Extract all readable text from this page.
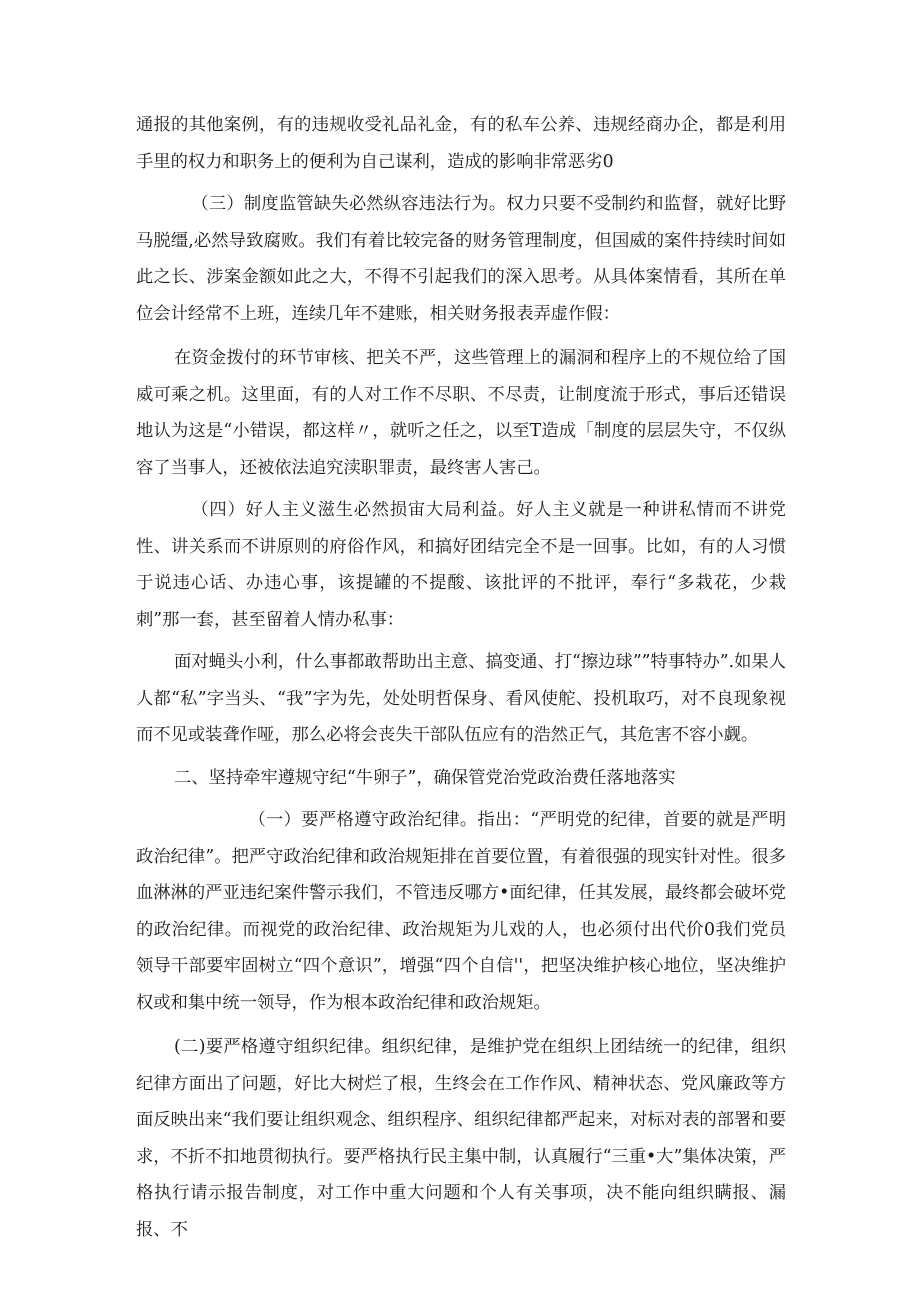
通报的其他案例，有的违规收受礼品礼金，有的私车公养、违规经商办企，都是利用手里的权力和职务上的便利为自己谋利，造成的影响非常恶劣0

（三）制度监管缺失必然纵容违法行为。权力只要不受制约和监督，就好比野马脱缰,必然导致腐败。我们有着比较完备的财务管理制度，但国威的案件持续时间如此之长、涉案金额如此之大，不得不引起我们的深入思考。从具体案情看，其所在单位会计经常不上班，连续几年不建账，相关财务报表弄虚作假：

在资金拨付的环节审核、把关不严，这些管理上的漏洞和程序上的不规位给了国威可乘之机。这里面，有的人对工作不尽职、不尽责，让制度流于形式，事后还错误地认为这是“小错误，都这样〃，就听之任之，以至T造成「制度的层层失守，不仅纵容了当事人，还被依法追究渎职罪责，最终害人害己。

（四）好人主义滋生必然损宙大局利益。好人主义就是一种讲私情而不讲党性、讲关系而不讲原则的府俗作风，和搞好团结完全不是一回事。比如，有的人习惯于说违心话、办违心事，该提罐的不提酸、该批评的不批评，奉行“多栽花，少栽刺”那一套，甚至留着人情办私事：

面对蝇头小利，什么事都敢帮助出主意、搞变通、打“擦边球””特事特办”.如果人人都“私”字当头、“我”字为先，处处明哲保身、看风使舵、投机取巧，对不良现象视而不见或装聋作哑，那么必将会丧失干部队伍应有的浩然正气，其危害不容小觑。

二、坚持牵牢遵规守纪“牛卵子”，确保管党治党政治费任落地落实

（一）要严格遵守政治纪律。指出：“严明党的纪律，首要的就是严明政治纪律”。把严守政治纪律和政治规矩排在首要位置，有着很强的现实针对性。很多血淋淋的严亚违纪案件警示我们，不管违反哪方•面纪律，任其发展，最终都会破坏党的政治纪律。而视党的政治纪律、政治规矩为儿戏的人，也必须付出代价0我们党员领导干部要牢固树立“四个意识”，增强“四个自信''，把坚决维护核心地位，坚决维护权或和集中统一领导，作为根本政治纪律和政治规矩。

(二)要严格遵守组织纪律。组织纪律，是维护党在组织上团结统一的纪律，组织纪律方面出了问题，好比大树烂了根，生终会在工作作风、精神状态、党风廉政等方面反映出来“我们要让组织观念、组织程序、组织纪律都严起来，对标对表的部署和要求，不折不扣地贯彻执行。要严格执行民主集中制，认真履行“三重•大”集体决策，严格执行请示报告制度，对工作中重大问题和个人有关事项，决不能向组织瞒报、漏报、不
